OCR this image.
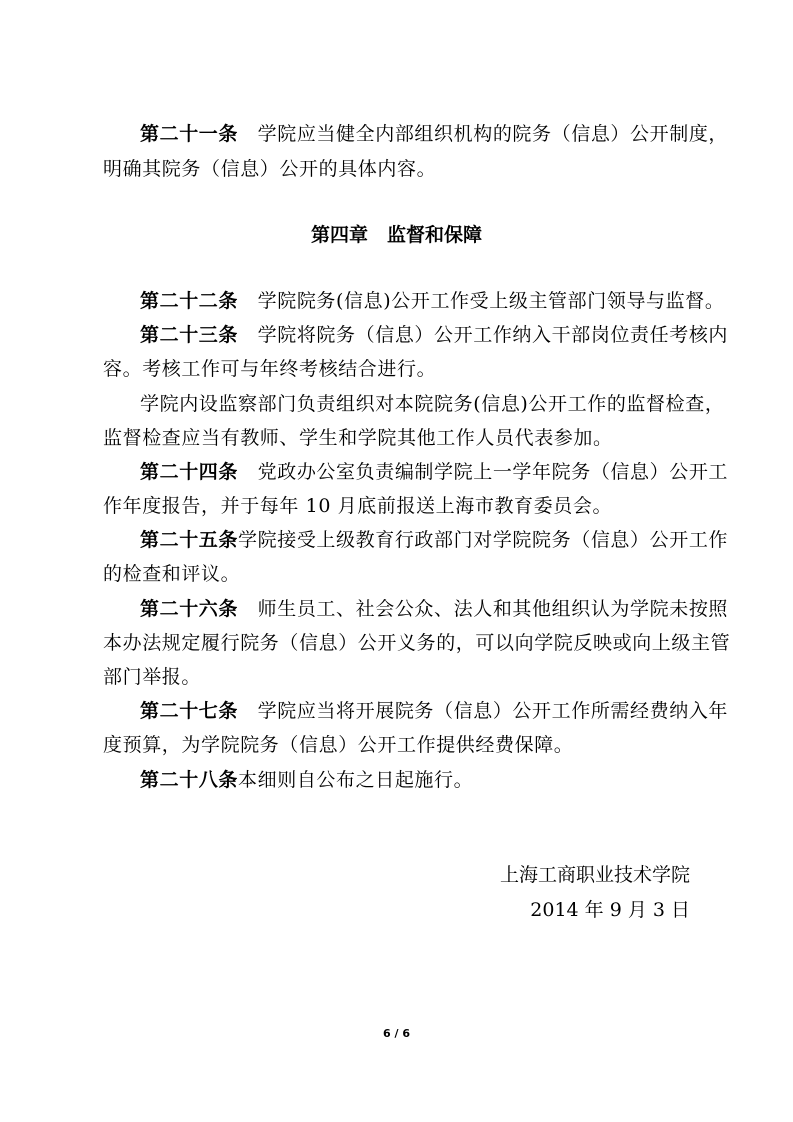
第二十一条　学院应当健全内部组织机构的院务（信息）公开制度，
明确其院务（信息）公开的具体内容。
第四章　监督和保障
第二十二条　学院院务(信息)公开工作受上级主管部门领导与监督。
第二十三条　学院将院务（信息）公开工作纳入干部岗位责任考核内
容。考核工作可与年终考核结合进行。
学院内设监察部门负责组织对本院院务(信息)公开工作的监督检查，
监督检查应当有教师、学生和学院其他工作人员代表参加。
第二十四条　党政办公室负责编制学院上一学年院务（信息）公开工
作年度报告，并于每年 10 月底前报送上海市教育委员会。
第二十五条学院接受上级教育行政部门对学院院务（信息）公开工作
的检查和评议。
第二十六条　师生员工、社会公众、法人和其他组织认为学院未按照
本办法规定履行院务（信息）公开义务的，可以向学院反映或向上级主管
部门举报。
第二十七条　学院应当将开展院务（信息）公开工作所需经费纳入年
度预算，为学院院务（信息）公开工作提供经费保障。
第二十八条本细则自公布之日起施行。
上海工商职业技术学院
2014 年 9 月 3 日
6 / 6
